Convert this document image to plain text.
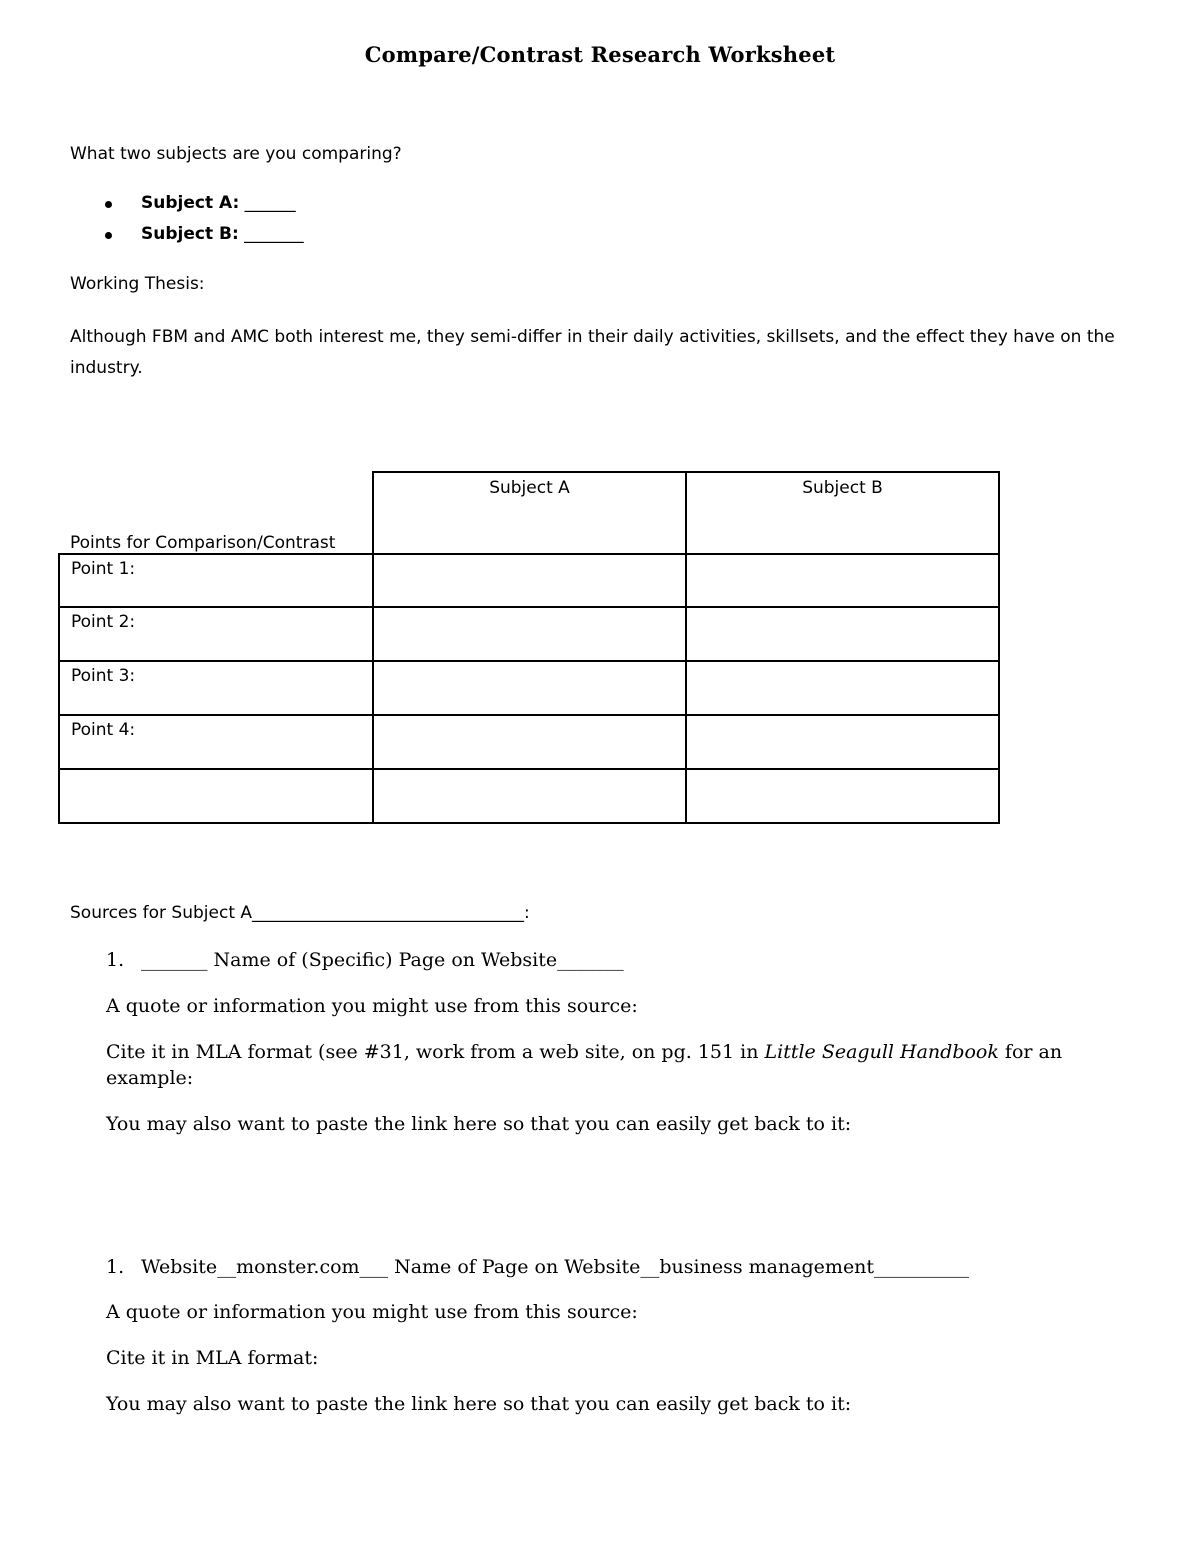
Compare/Contrast Research Worksheet
What two subjects are you comparing?
Subject A: ______
Subject B: _______
Working Thesis:
Although FBM and AMC both interest me, they semi-differ in their daily activities, skillsets, and the effect they have on the industry.
Points for Comparison/Contrast	Subject A	Subject B
Point 1:		
Point 2:		
Point 3:		
Point 4:		

Sources for Subject A________________________________:
1. _______ Name of (Specific) Page on Website_______
A quote or information you might use from this source:
Cite it in MLA format (see #31, work from a web site, on pg. 151 in Little Seagull Handbook for an
example:
You may also want to paste the link here so that you can easily get back to it:
1. Website__monster.com___ Name of Page on Website__business management__________
A quote or information you might use from this source:
Cite it in MLA format:
You may also want to paste the link here so that you can easily get back to it:
